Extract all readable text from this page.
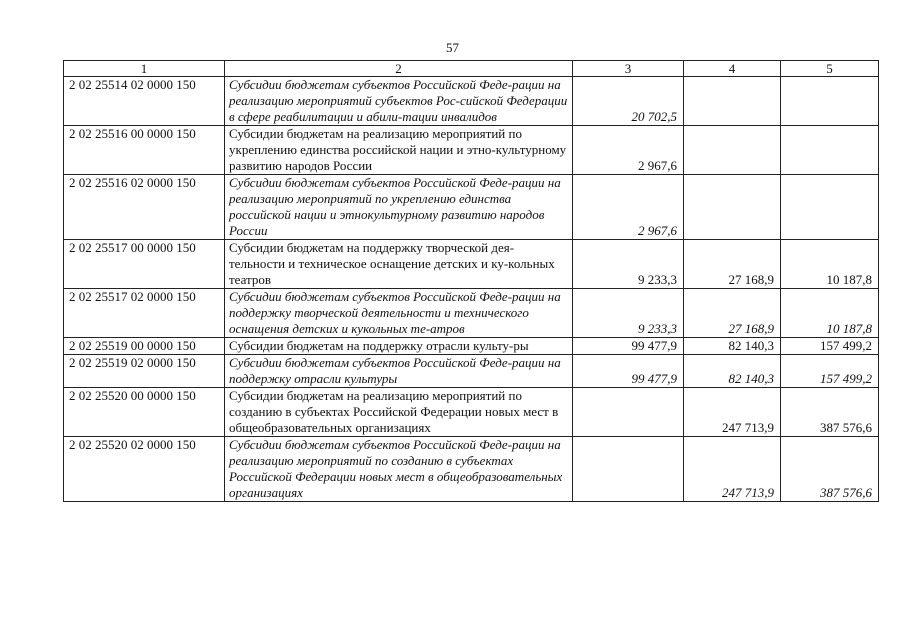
57
1	2	3	4	5
2 02 25514 02 0000 150	Субсидии бюджетам субъектов Российской Феде-рации на реализацию мероприятий субъектов Рос-сийской Федерации в сфере реабилитации и абили-тации инвалидов	20 702,5		
2 02 25516 00 0000 150	Субсидии бюджетам на реализацию мероприятий по укреплению единства российской нации и этно-культурному развитию народов России	2 967,6		
2 02 25516 02 0000 150	Субсидии бюджетам субъектов Российской Феде-рации на реализацию мероприятий по укреплению единства российской нации и этнокультурному развитию народов России	2 967,6		
2 02 25517 00 0000 150	Субсидии бюджетам на поддержку творческой дея-тельности и техническое оснащение детских и ку-кольных театров	9 233,3	27 168,9	10 187,8
2 02 25517 02 0000 150	Субсидии бюджетам субъектов Российской Феде-рации на поддержку творческой деятельности и технического оснащения детских и кукольных те-атров	9 233,3	27 168,9	10 187,8
2 02 25519 00 0000 150	Субсидии бюджетам на поддержку отрасли культу-ры	99 477,9	82 140,3	157 499,2
2 02 25519 02 0000 150	Субсидии бюджетам субъектов Российской Феде-рации на поддержку отрасли культуры	99 477,9	82 140,3	157 499,2
2 02 25520 00 0000 150	Субсидии бюджетам на реализацию мероприятий по созданию в субъектах Российской Федерации новых мест в общеобразовательных организациях		247 713,9	387 576,6
2 02 25520 02 0000 150	Субсидии бюджетам субъектов Российской Феде-рации на реализацию мероприятий по созданию в субъектах Российской Федерации новых мест в общеобразовательных организациях		247 713,9	387 576,6
